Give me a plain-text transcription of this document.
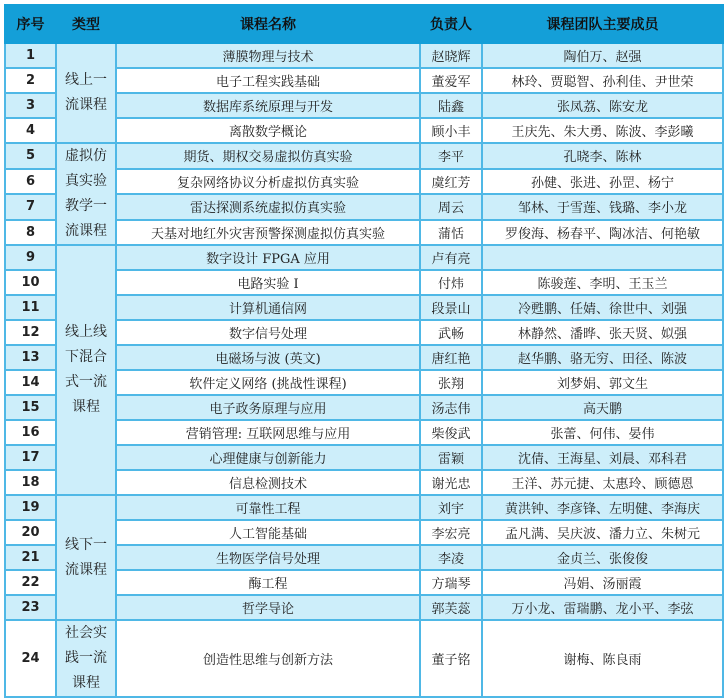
序号	类型	课程名称	负责人	课程团队主要成员
1	线上一流课程	薄膜物理与技术	赵晓辉	陶伯万、赵强
2		电子工程实践基础	董爱军	林玲、贾聪智、孙利佳、尹世荣
3		数据库系统原理与开发	陆鑫	张凤荔、陈安龙
4		离散数学概论	顾小丰	王庆先、朱大勇、陈波、李彭曦
5	虚拟仿真实验教学一流课程	期货、期权交易虚拟仿真实验	李平	孔晓李、陈林
6		复杂网络协议分析虚拟仿真实验	虞红芳	孙健、张进、孙罡、杨宁
7		雷达探测系统虚拟仿真实验	周云	邹林、于雪莲、钱璐、李小龙
8		天基对地红外灾害预警探测虚拟仿真实验	蒲恬	罗俊海、杨春平、陶冰洁、何艳敏
9	线上线下混合式一流课程	数字设计 FPGA 应用	卢有亮	
10		电路实验 I	付炜	陈骏莲、李明、王玉兰
11		计算机通信网	段景山	冷甦鹏、任婧、徐世中、刘强
12		数字信号处理	武畅	林静然、潘晔、张天贤、姒强
13		电磁场与波 (英文)	唐红艳	赵华鹏、骆无穷、田径、陈波
14		软件定义网络 (挑战性课程)	张翔	刘梦娟、郭文生
15		电子政务原理与应用	汤志伟	高天鹏
16		营销管理: 互联网思维与应用	柴俊武	张蕾、何伟、晏伟
17		心理健康与创新能力	雷颖	沈倩、王海星、刘晨、邓科君
18		信息检测技术	谢光忠	王洋、苏元捷、太惠玲、顾德恩
19	线下一流课程	可靠性工程	刘宇	黄洪钟、李彦锋、左明健、李海庆
20		人工智能基础	李宏亮	孟凡满、吴庆波、潘力立、朱树元
21		生物医学信号处理	李凌	金贞兰、张俊俊
22		酶工程	方瑞琴	冯娟、汤丽霞
23		哲学导论	郭芙蕊	万小龙、雷瑞鹏、龙小平、李弦
24	社会实践一流课程	创造性思维与创新方法	董子铭	谢梅、陈良雨
